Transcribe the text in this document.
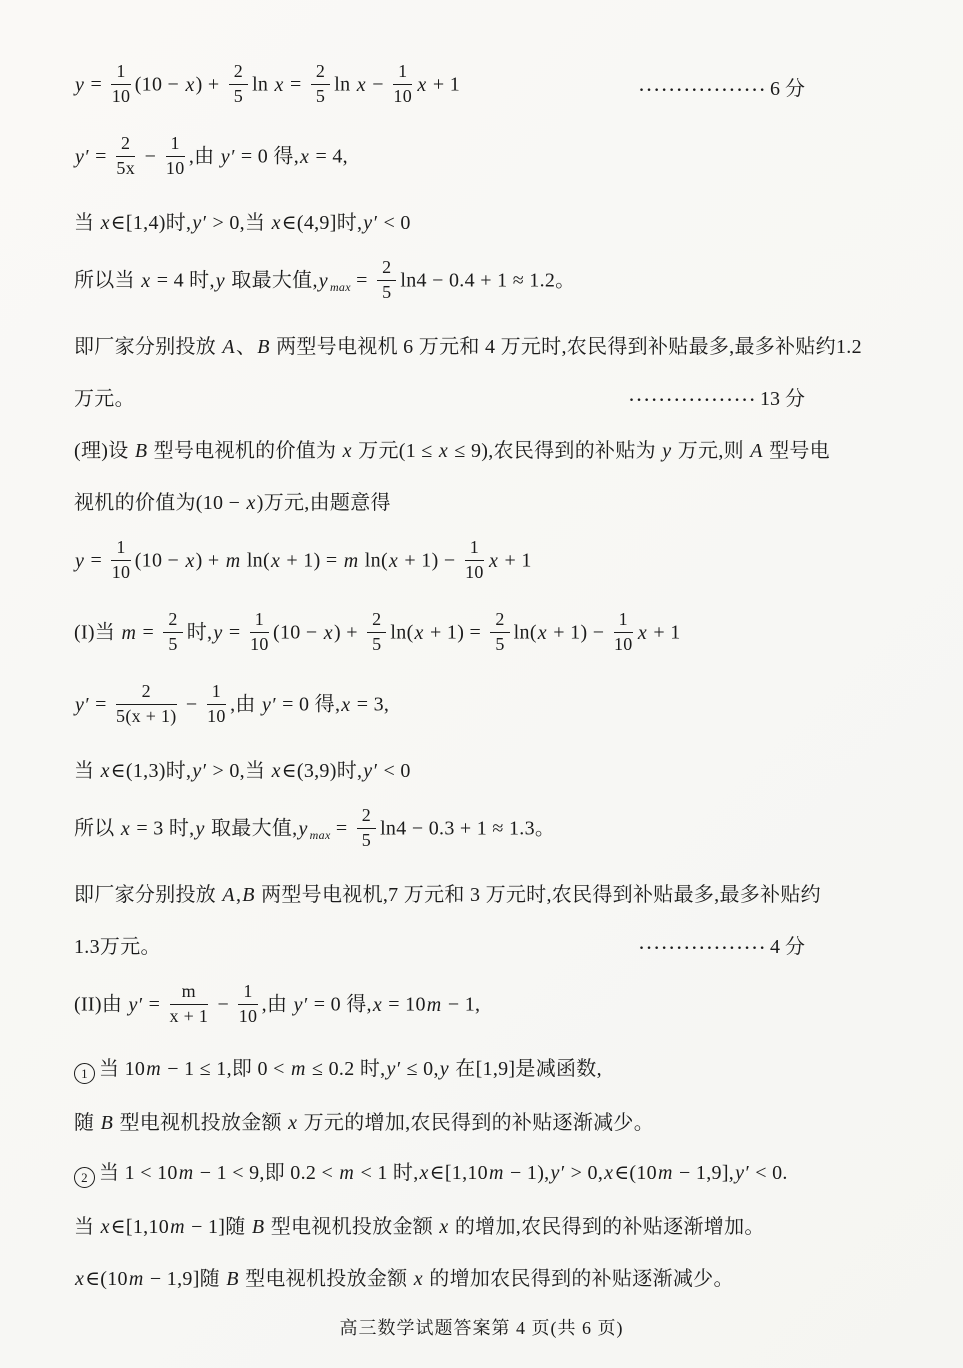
$y = \frac{1}{10} (10 - x) + \frac{2}{5}$ $\ln x = \frac{2}{5}$ $\ln x - \frac{1}{10}$ x + 1	················· 6 分
$y' = \frac{2}{5x} - \frac{1}{10}$ ,由 y′ = 0 得,x = 4,
当 x∈[1,4)时,y′ > 0,当 x∈(4,9]时,y′ < 0
所以当 x = 4 时,y 取最大值,y $_{max} = \frac{2}{5} \ln 4 - 0.4 + 1 \approx 1.2$。
即厂家分别投放 A、B 两型号电视机 6 万元和 4 万元时,农民得到补贴最多,最多补贴约1.2
万元。	················· 13 分
(理)设 B 型号电视机的价值为 x 万元(1 ≤ x ≤ 9),农民得到的补贴为 y 万元,则 A 型号电
视机的价值为(10 − x)万元,由题意得
$y = \frac{1}{10} (10 - x) + m$ ln(x + 1) = m $\ln(x + 1) - \frac{1}{10}$ x + 1
(I)当 $m = \frac{2}{5}$ 时$,y = \frac{1}{10} (10 - x) + \frac{2}{5} \ln(x + 1) = \frac{2}{5} \ln(x + 1) - \frac{1}{10}$ x + 1
$y' = \frac{2}{5(x + 1)} - \frac{1}{10}$ ,由 y′ = 0 得,x = 3,
当 x∈(1,3)时,y′ > 0,当 x∈(3,9)时,y′ < 0
所以 x = 3 时,y 取最大值,y $_{max} = \frac{2}{5} \ln 4 - 0.3 + 1 \approx 1.3$。
即厂家分别投放 A,B 两型号电视机,7 万元和 3 万元时,农民得到补贴最多,最多补贴约
1.3万元。	················· 4 分
(II)由 $y' = \frac{m}{x + 1} - \frac{1}{10}$ ,由 y′ = 0 得,x = 10m − 1,
1 当 10m − 1 ≤ 1,即 0 < m ≤ 0.2 时,y′ ≤ 0,y 在[1,9]是减函数,
随 B 型电视机投放金额 x 万元的增加,农民得到的补贴逐渐减少。
2 当 1 < 10m − 1 < 9,即 0.2 < m < 1 时,x∈[1,10m − 1),y′ > 0,x∈(10m − 1,9],y′ < 0.
当 x∈[1,10m − 1]随 B 型电视机投放金额 x 的增加,农民得到的补贴逐渐增加。
x∈(10m − 1,9]随 B 型电视机投放金额 x 的增加农民得到的补贴逐渐减少。
高三数学试题答案第 4 页(共 6 页)
